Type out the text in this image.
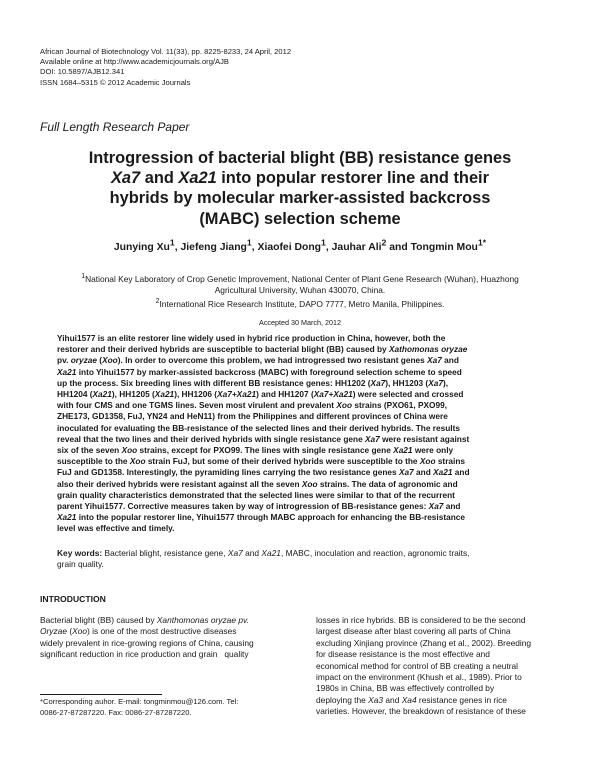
African Journal of Biotechnology Vol. 11(33), pp. 8225-8233, 24 April, 2012
Available online at http://www.academicjournals.org/AJB
DOI: 10.5897/AJB12.341
ISSN 1684–5315 © 2012 Academic Journals
Full Length Research Paper
Introgression of bacterial blight (BB) resistance genes
Xa7 and Xa21 into popular restorer line and their
hybrids by molecular marker-assisted backcross
(MABC) selection scheme
Junying Xu$^1$, Jiefeng Jiang$^1$, Xiaofei Dong$^1$, Jauhar Ali$^2$ and Tongmin Mou$^{1*}$
$^1$National Key Laboratory of Crop Genetic Improvement, National Center of Plant Gene Research (Wuhan), Huazhong
Agricultural University, Wuhan 430070, China.
$^2$International Rice Research Institute, DAPO 7777, Metro Manila, Philippines.
Accepted 30 March, 2012
Yihui1577 is an elite restorer line widely used in hybrid rice production in China, however, both the
restorer and their derived hybrids are susceptible to bacterial blight (BB) caused by Xathomonas oryzae
pv. oryzae (Xoo). In order to overcome this problem, we had introgressed two resistant genes Xa7 and
Xa21 into Yihui1577 by marker-assisted backcross (MABC) with foreground selection scheme to speed
up the process. Six breeding lines with different BB resistance genes: HH1202 (Xa7), HH1203 (Xa7),
HH1204 (Xa21), HH1205 (Xa21), HH1206 (Xa7+Xa21) and HH1207 (Xa7+Xa21) were selected and crossed
with four CMS and one TGMS lines. Seven most virulent and prevalent Xoo strains (PXO61, PXO99,
ZHE173, GD1358, FuJ, YN24 and HeN11) from the Philippines and different provinces of China were
inoculated for evaluating the BB-resistance of the selected lines and their derived hybrids. The results
reveal that the two lines and their derived hybrids with single resistance gene Xa7 were resistant against
six of the seven Xoo strains, except for PXO99. The lines with single resistance gene Xa21 were only
susceptible to the Xoo strain FuJ, but some of their derived hybrids were susceptible to the Xoo strains
FuJ and GD1358. Interestingly, the pyramiding lines carrying the two resistance genes Xa7 and Xa21 and
also their derived hybrids were resistant against all the seven Xoo strains. The data of agronomic and
grain quality characteristics demonstrated that the selected lines were similar to that of the recurrent
parent Yihui1577. Corrective measures taken by way of introgression of BB-resistance genes: Xa7 and
Xa21 into the popular restorer line, Yihui1577 through MABC approach for enhancing the BB-resistance
level was effective and timely.
Key words: Bacterial blight, resistance gene, Xa7 and Xa21, MABC, inoculation and reaction, agronomic traits,
grain quality.
INTRODUCTION
Bacterial blight (BB) caused by Xanthomonas oryzae pv.
Oryzae (Xoo) is one of the most destructive diseases
widely prevalent in rice-growing regions of China, causing
significant reduction in rice production and grain   quality
losses in rice hybrids. BB is considered to be the second
largest disease after blast covering all parts of China
excluding Xinjiang province (Zhang et al., 2002). Breeding
for disease resistance is the most effective and
economical method for control of BB creating a neutral
impact on the environment (Khush et al., 1989). Prior to
1980s in China, BB was effectively controlled by
deploying the Xa3 and Xa4 resistance genes in rice
varieties. However, the breakdown of resistance of these
*Corresponding auhor. E-mail: tongminmou@126.com. Tel:
0086-27-87287220. Fax: 0086-27-87287220.
